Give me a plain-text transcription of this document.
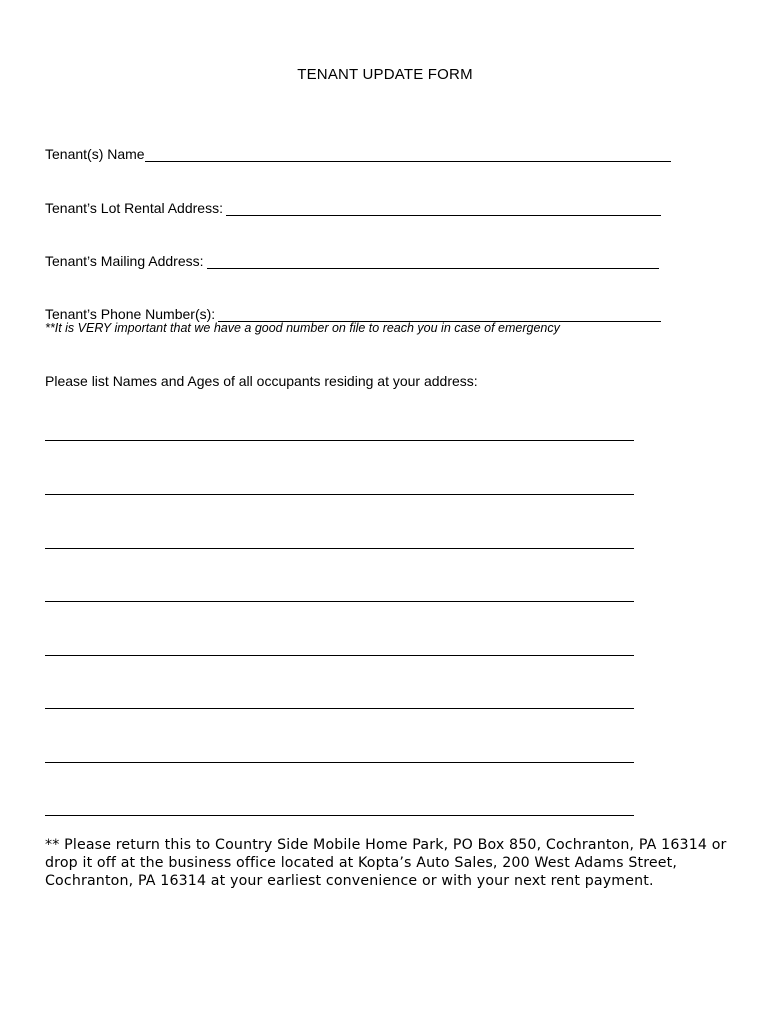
TENANT UPDATE FORM
Tenant(s) Name
Tenant’s Lot Rental Address:
Tenant’s Mailing Address:
Tenant’s Phone Number(s):
**It is VERY important that we have a good number on file to reach you in case of emergency
Please list Names and Ages of all occupants residing at your address:
** Please return this to Country Side Mobile Home Park, PO Box 850, Cochranton, PA 16314 or drop it off at the business office located at Kopta’s Auto Sales, 200 West Adams Street, Cochranton, PA 16314 at your earliest convenience or with your next rent payment.
